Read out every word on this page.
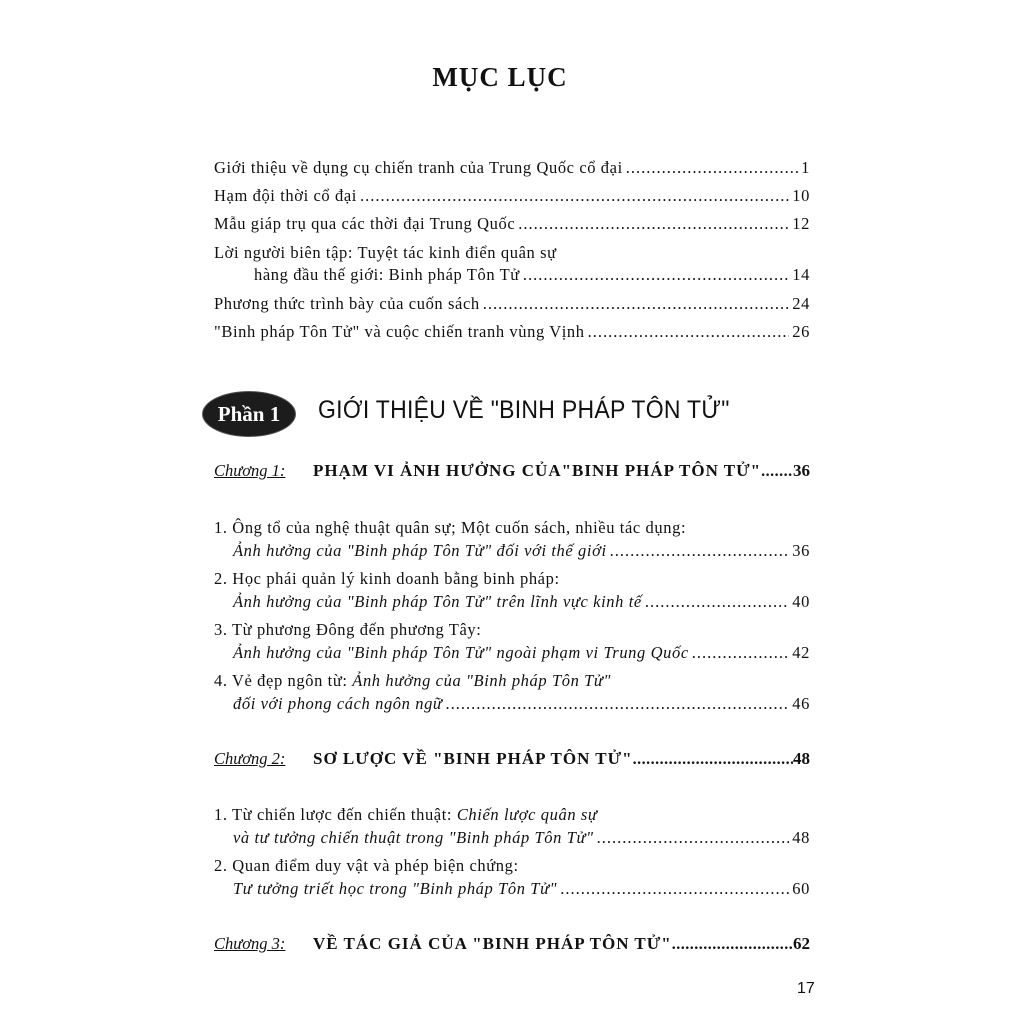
MỤC LỤC
Giới thiệu về dụng cụ chiến tranh của Trung Quốc cổ đại .....	1
Hạm đội thời cổ đại .....	10
Mẫu giáp trụ qua các thời đại Trung Quốc .....	12
Lời người biên tập: Tuyệt tác kinh điển quân sự
hàng đầu thế giới: Binh pháp Tôn Tử .....	14
Phương thức trình bày của cuốn sách .....	24
"Binh pháp Tôn Tử" và cuộc chiến tranh vùng Vịnh .....	26
Phần 1	GIỚI THIỆU VỀ "BINH PHÁP TÔN TỬ"
Chương 1:	PHẠM VI ẢNH HƯỞNG CỦA"BINH PHÁP TÔN TỬ" ..... 36
1. Ông tổ của nghệ thuật quân sự; Một cuốn sách, nhiều tác dụng:
Ảnh hưởng của "Binh pháp Tôn Tử" đối với thế giới .....	36
2. Học phái quản lý kinh doanh bằng binh pháp:
Ảnh hưởng của "Binh pháp Tôn Tử" trên lĩnh vực kinh tế .....	40
3. Từ phương Đông đến phương Tây:
Ảnh hưởng của "Binh pháp Tôn Tử" ngoài phạm vi Trung Quốc .....	42
4. Vẻ đẹp ngôn từ: Ảnh hưởng của "Binh pháp Tôn Tử"
đối với phong cách ngôn ngữ .....	46
Chương 2:	SƠ LƯỢC VỀ "BINH PHÁP TÔN TỬ" .....	48
1. Từ chiến lược đến chiến thuật: Chiến lược quân sự
và tư tưởng chiến thuật trong "Binh pháp Tôn Tử" .....	48
2. Quan điểm duy vật và phép biện chứng:
Tư tưởng triết học trong "Binh pháp Tôn Tử" .....	60
Chương 3:	VỀ TÁC GIẢ CỦA "BINH PHÁP TÔN TỬ" .....	62
17
